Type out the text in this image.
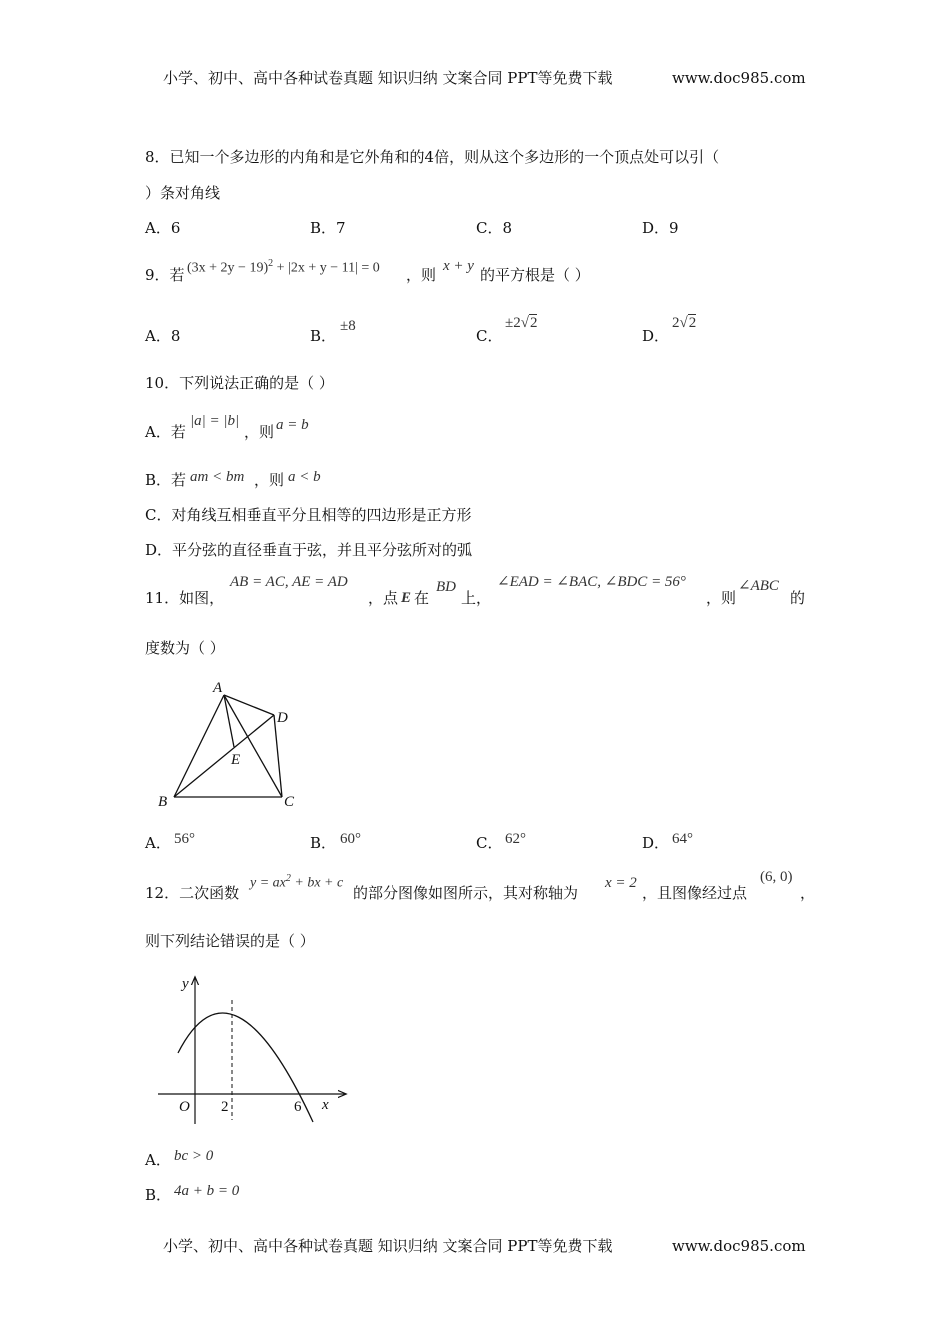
小学、初中、高中各种试卷真题 知识归纳 文案合同 PPT等免费下载	www.doc985.com
8．已知一个多边形的内角和是它外角和的4倍，则从这个多边形的一个顶点处可以引（
）条对角线
A．6	B．7	C．8	D．9
9．若 $(3x + 2y - 19)^2 + |2x + y - 11| = 0$ ，则 x + y 的平方根是（ ）
A．8	B．
±8
C．
±2√2
D．
2√2
10．下列说法正确的是（ ）
A．若
|a| = |b|
，则 a = b
B．若 am < bm ，则 a < b
C．对角线互相垂直平分且相等的四边形是正方形
D．平分弦的直径垂直于弦，并且平分弦所对的弧
11．如图，
AB = AC, AE = AD
，点 E 在
BD
上，
∠EAD = ∠BAC, ∠BDC = 56°
，则
∠ABC
的
度数为（ ）
A
B	C
D
E
A． 56°	B． 60°	C． 62°	D． 64°
12．二次函数
$y = ax^2$ + bx + c
的部分图像如图所示，其对称轴为
x = 2
，且图像经过点
(6, 0)
，
则下列结论错误的是（ ）
y
x
O 2	6
A． bc > 0
B． 4a + b = 0
小学、初中、高中各种试卷真题 知识归纳 文案合同 PPT等免费下载	www.doc985.com
